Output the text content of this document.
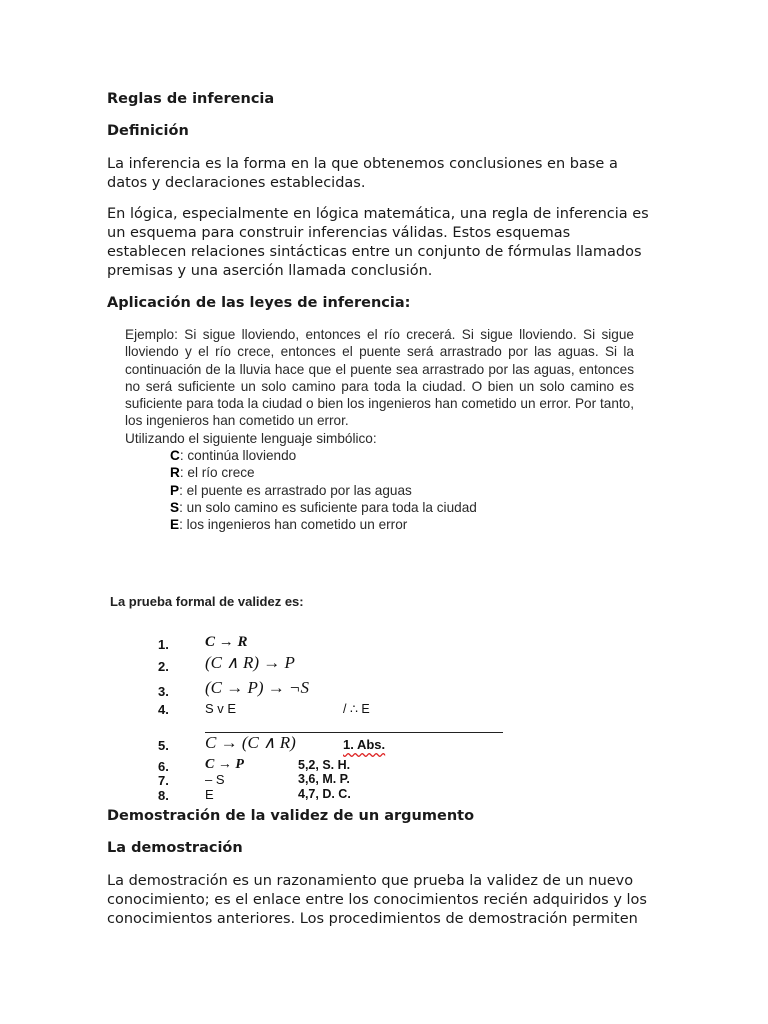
Reglas de inferencia
Definición
La inferencia es la forma en la que obtenemos conclusiones en base a datos y declaraciones establecidas.
En lógica, especialmente en lógica matemática, una regla de inferencia es un esquema para construir inferencias válidas. Estos esquemas establecen relaciones sintácticas entre un conjunto de fórmulas llamados premisas y una aserción llamada conclusión.
Aplicación de las leyes de inferencia:
Ejemplo: Si sigue lloviendo, entonces el río crecerá. Si sigue lloviendo. Si sigue lloviendo y el río crece, entonces el puente será arrastrado por las aguas. Si la continuación de la lluvia hace que el puente sea arrastrado por las aguas, entonces no será suficiente un solo camino para toda la ciudad. O bien un solo camino es suficiente para toda la ciudad o bien los ingenieros han cometido un error. Por tanto, los ingenieros han cometido un error.
Utilizando el siguiente lenguaje simbólico:
C: continúa lloviendo
R: el río crece
P: el puente es arrastrado por las aguas
S: un solo camino es suficiente para toda la ciudad
E: los ingenieros han cometido un error
La prueba formal de validez es:
1. C → R
2. (C ∧ R) → P
3. (C → P) → ¬S
4.	S v E	/ ∴ E
5. C → (C ∧ R)	1. Abs.
6.	C → P	5,2, S. H.
7.	– S	3,6, M. P.
8.	E	4,7, D. C.
Demostración de la validez de un argumento
La demostración
La demostración es un razonamiento que prueba la validez de un nuevo conocimiento; es el enlace entre los conocimientos recién adquiridos y los conocimientos anteriores. Los procedimientos de demostración permiten
